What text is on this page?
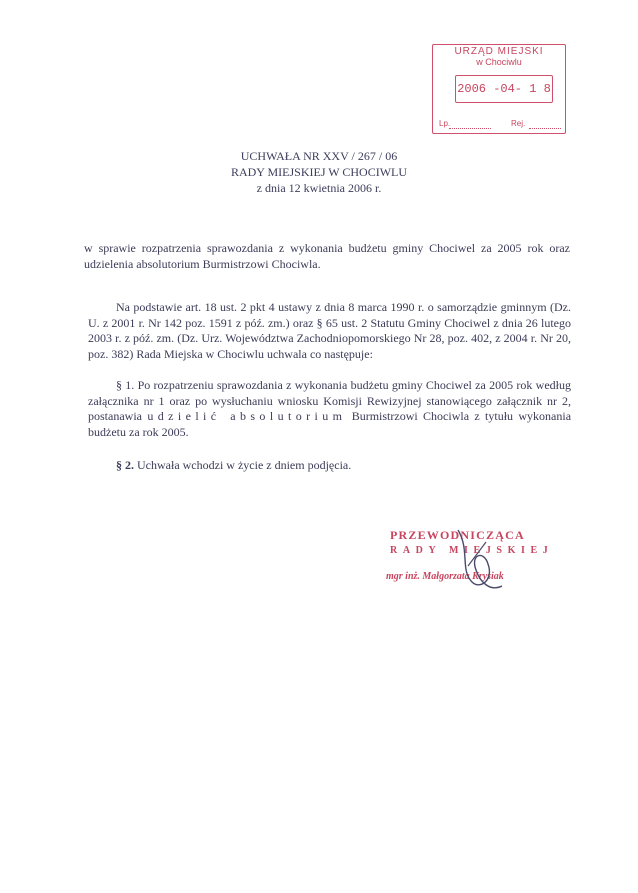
URZĄD MIEJSKI
w Chociwlu
2006 -04- 1 8
Lp.	Rej.
UCHWAŁA NR XXV / 267 / 06
RADY MIEJSKIEJ W CHOCIWLU
z dnia 12 kwietnia 2006 r.
w sprawie rozpatrzenia sprawozdania z wykonania budżetu gminy Chociwel za 2005 rok oraz udzielenia absolutorium Burmistrzowi Chociwla.
Na podstawie art. 18 ust. 2 pkt 4 ustawy z dnia 8 marca 1990 r. o samorządzie gminnym (Dz. U. z 2001 r. Nr 142 poz. 1591 z póź. zm.) oraz § 65 ust. 2 Statutu Gminy Chociwel z dnia 26 lutego 2003 r. z póź. zm. (Dz. Urz. Województwa Zachodniopomorskiego Nr 28, poz. 402, z 2004 r. Nr 20, poz. 382) Rada Miejska w Chociwlu uchwala co następuje:
§ 1. Po rozpatrzeniu sprawozdania z wykonania budżetu gminy Chociwel za 2005 rok według załącznika nr 1 oraz po wysłuchaniu wniosku Komisji Rewizyjnej stanowiącego załącznik nr 2, postanawia udzielić absolutorium Burmistrzowi Chociwla z tytułu wykonania budżetu za rok 2005.
§ 2. Uchwała wchodzi w życie z dniem podjęcia.
PRZEWODNICZĄCA
RADY MIEJSKIEJ
mgr inż. Małgorzata Krysiak
